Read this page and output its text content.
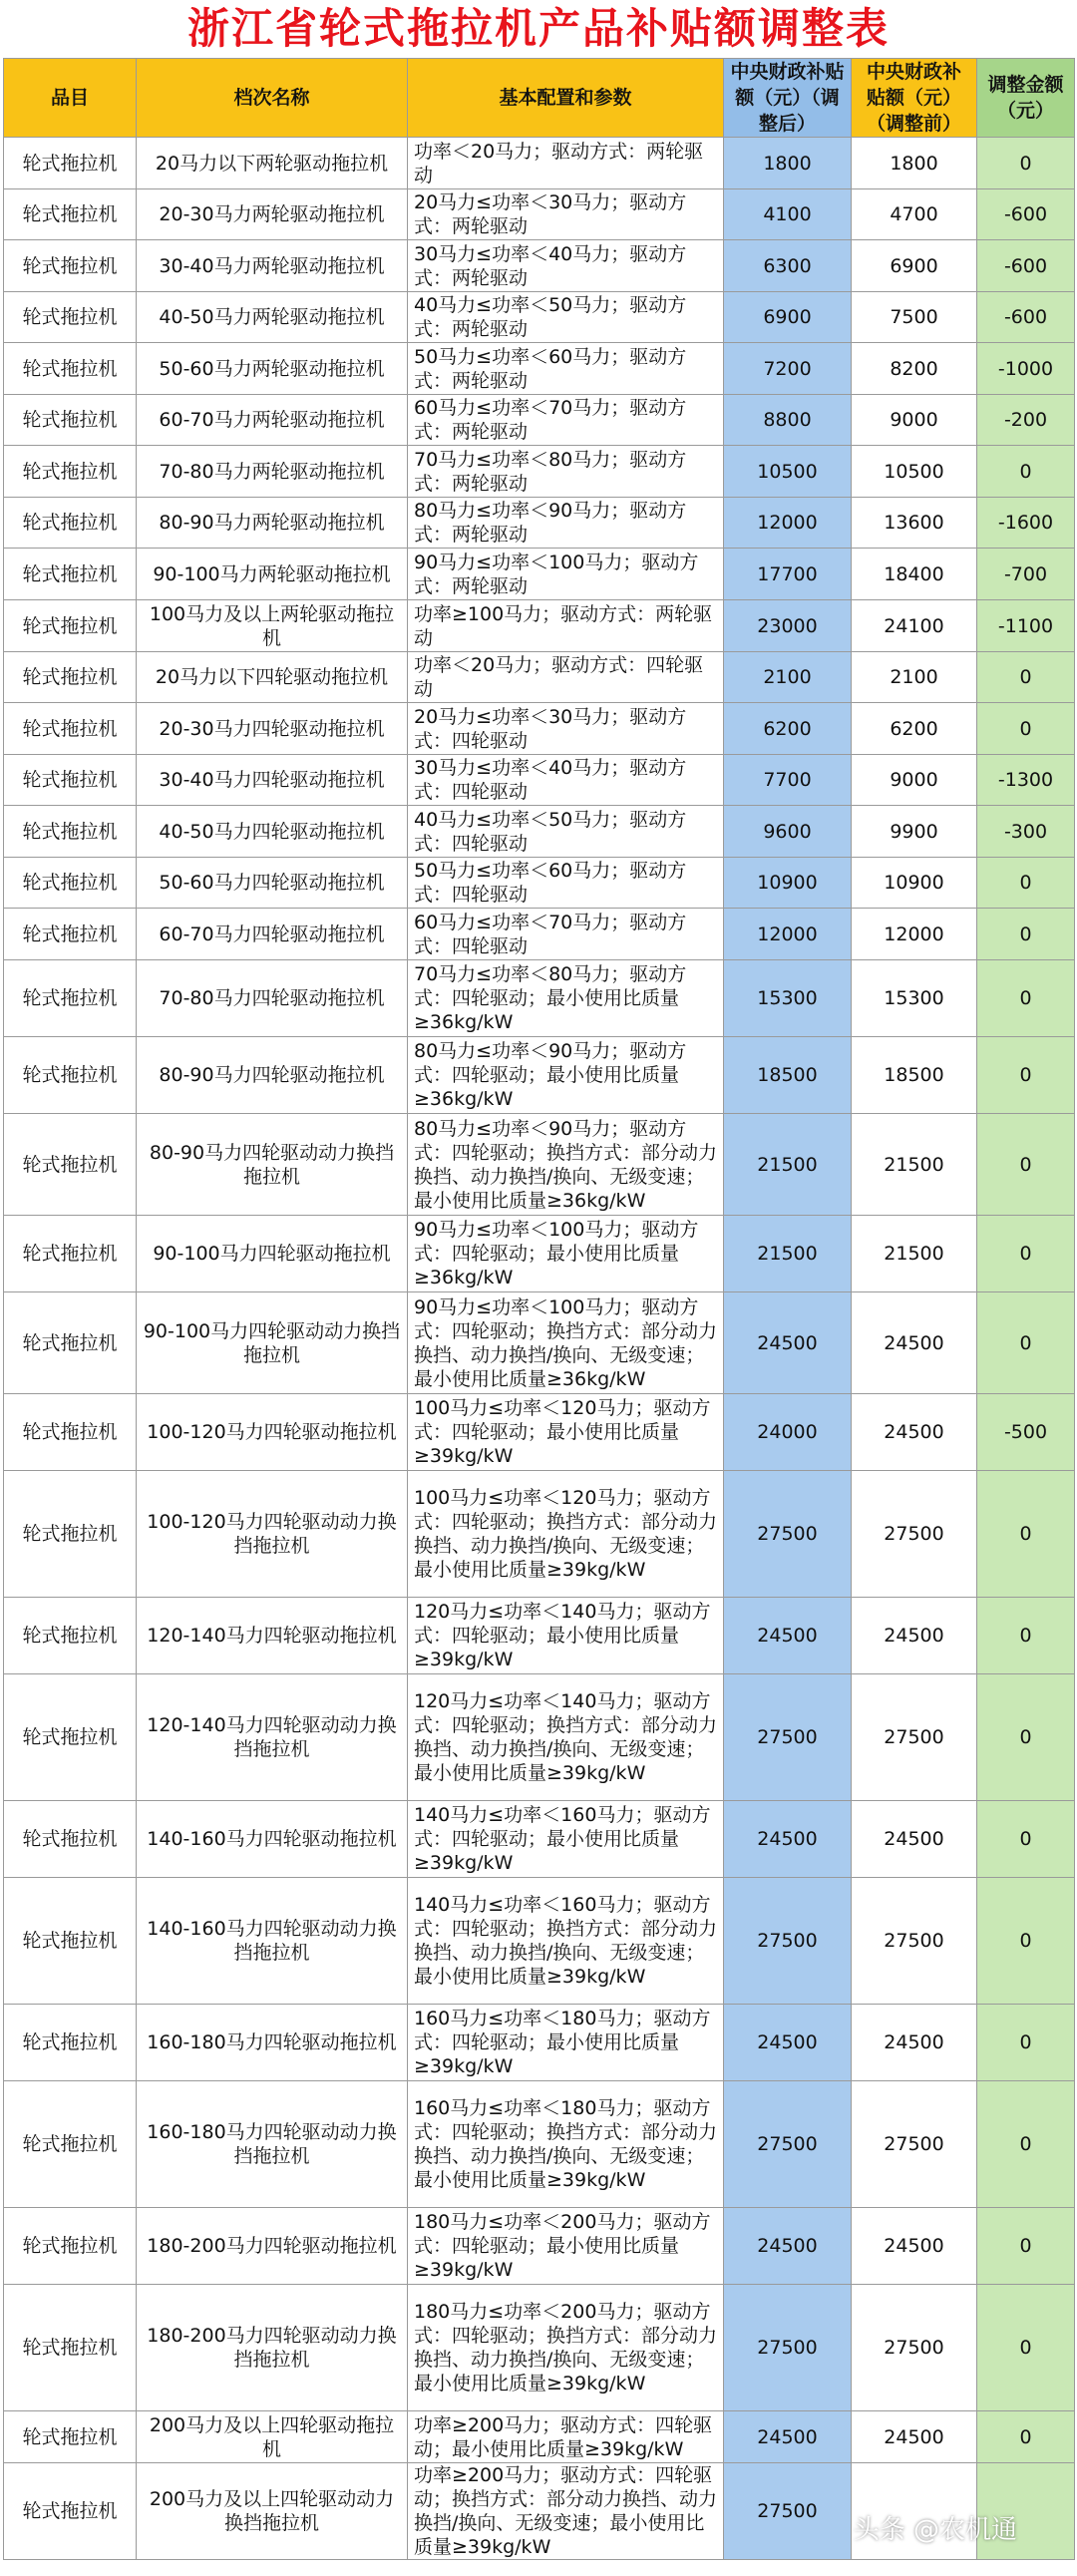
浙江省轮式拖拉机产品补贴额调整表
品目	档次名称	基本配置和参数	中央财政补贴额（元）（调整后）	中央财政补贴额（元）（调整前）	调整金额（元）
轮式拖拉机	20马力以下两轮驱动拖拉机	功率＜20马力；驱动方式：两轮驱动	1800	1800	0
轮式拖拉机	20-30马力两轮驱动拖拉机	20马力≤功率＜30马力；驱动方式：两轮驱动	4100	4700	-600
轮式拖拉机	30-40马力两轮驱动拖拉机	30马力≤功率＜40马力；驱动方式：两轮驱动	6300	6900	-600
轮式拖拉机	40-50马力两轮驱动拖拉机	40马力≤功率＜50马力；驱动方式：两轮驱动	6900	7500	-600
轮式拖拉机	50-60马力两轮驱动拖拉机	50马力≤功率＜60马力；驱动方式：两轮驱动	7200	8200	-1000
轮式拖拉机	60-70马力两轮驱动拖拉机	60马力≤功率＜70马力；驱动方式：两轮驱动	8800	9000	-200
轮式拖拉机	70-80马力两轮驱动拖拉机	70马力≤功率＜80马力；驱动方式：两轮驱动	10500	10500	0
轮式拖拉机	80-90马力两轮驱动拖拉机	80马力≤功率＜90马力；驱动方式：两轮驱动	12000	13600	-1600
轮式拖拉机	90-100马力两轮驱动拖拉机	90马力≤功率＜100马力；驱动方式：两轮驱动	17700	18400	-700
轮式拖拉机	100马力及以上两轮驱动拖拉机	功率≥100马力；驱动方式：两轮驱动	23000	24100	-1100
轮式拖拉机	20马力以下四轮驱动拖拉机	功率＜20马力；驱动方式：四轮驱动	2100	2100	0
轮式拖拉机	20-30马力四轮驱动拖拉机	20马力≤功率＜30马力；驱动方式：四轮驱动	6200	6200	0
轮式拖拉机	30-40马力四轮驱动拖拉机	30马力≤功率＜40马力；驱动方式：四轮驱动	7700	9000	-1300
轮式拖拉机	40-50马力四轮驱动拖拉机	40马力≤功率＜50马力；驱动方式：四轮驱动	9600	9900	-300
轮式拖拉机	50-60马力四轮驱动拖拉机	50马力≤功率＜60马力；驱动方式：四轮驱动	10900	10900	0
轮式拖拉机	60-70马力四轮驱动拖拉机	60马力≤功率＜70马力；驱动方式：四轮驱动	12000	12000	0
轮式拖拉机	70-80马力四轮驱动拖拉机	70马力≤功率＜80马力；驱动方式：四轮驱动；最小使用比质量≥36kg/kW	15300	15300	0
轮式拖拉机	80-90马力四轮驱动拖拉机	80马力≤功率＜90马力；驱动方式：四轮驱动；最小使用比质量≥36kg/kW	18500	18500	0
轮式拖拉机	80-90马力四轮驱动动力换挡拖拉机	80马力≤功率＜90马力；驱动方式：四轮驱动；换挡方式：部分动力换挡、动力换挡/换向、无级变速；最小使用比质量≥36kg/kW	21500	21500	0
轮式拖拉机	90-100马力四轮驱动拖拉机	90马力≤功率＜100马力；驱动方式：四轮驱动；最小使用比质量≥36kg/kW	21500	21500	0
轮式拖拉机	90-100马力四轮驱动动力换挡拖拉机	90马力≤功率＜100马力；驱动方式：四轮驱动；换挡方式：部分动力换挡、动力换挡/换向、无级变速；最小使用比质量≥36kg/kW	24500	24500	0
轮式拖拉机	100-120马力四轮驱动拖拉机	100马力≤功率＜120马力；驱动方式：四轮驱动；最小使用比质量≥39kg/kW	24000	24500	-500
轮式拖拉机	100-120马力四轮驱动动力换挡拖拉机	100马力≤功率＜120马力；驱动方式：四轮驱动；换挡方式：部分动力换挡、动力换挡/换向、无级变速；最小使用比质量≥39kg/kW	27500	27500	0
轮式拖拉机	120-140马力四轮驱动拖拉机	120马力≤功率＜140马力；驱动方式：四轮驱动；最小使用比质量≥39kg/kW	24500	24500	0
轮式拖拉机	120-140马力四轮驱动动力换挡拖拉机	120马力≤功率＜140马力；驱动方式：四轮驱动；换挡方式：部分动力换挡、动力换挡/换向、无级变速；最小使用比质量≥39kg/kW	27500	27500	0
轮式拖拉机	140-160马力四轮驱动拖拉机	140马力≤功率＜160马力；驱动方式：四轮驱动；最小使用比质量≥39kg/kW	24500	24500	0
轮式拖拉机	140-160马力四轮驱动动力换挡拖拉机	140马力≤功率＜160马力；驱动方式：四轮驱动；换挡方式：部分动力换挡、动力换挡/换向、无级变速；最小使用比质量≥39kg/kW	27500	27500	0
轮式拖拉机	160-180马力四轮驱动拖拉机	160马力≤功率＜180马力；驱动方式：四轮驱动；最小使用比质量≥39kg/kW	24500	24500	0
轮式拖拉机	160-180马力四轮驱动动力换挡拖拉机	160马力≤功率＜180马力；驱动方式：四轮驱动；换挡方式：部分动力换挡、动力换挡/换向、无级变速；最小使用比质量≥39kg/kW	27500	27500	0
轮式拖拉机	180-200马力四轮驱动拖拉机	180马力≤功率＜200马力；驱动方式：四轮驱动；最小使用比质量≥39kg/kW	24500	24500	0
轮式拖拉机	180-200马力四轮驱动动力换挡拖拉机	180马力≤功率＜200马力；驱动方式：四轮驱动；换挡方式：部分动力换挡、动力换挡/换向、无级变速；最小使用比质量≥39kg/kW	27500	27500	0
轮式拖拉机	200马力及以上四轮驱动拖拉机	功率≥200马力；驱动方式：四轮驱动；最小使用比质量≥39kg/kW	24500	24500	0
轮式拖拉机	200马力及以上四轮驱动动力换挡拖拉机	功率≥200马力；驱动方式：四轮驱动；换挡方式：部分动力换挡、动力换挡/换向、无级变速；最小使用比质量≥39kg/kW	27500		
头条 @农机通
